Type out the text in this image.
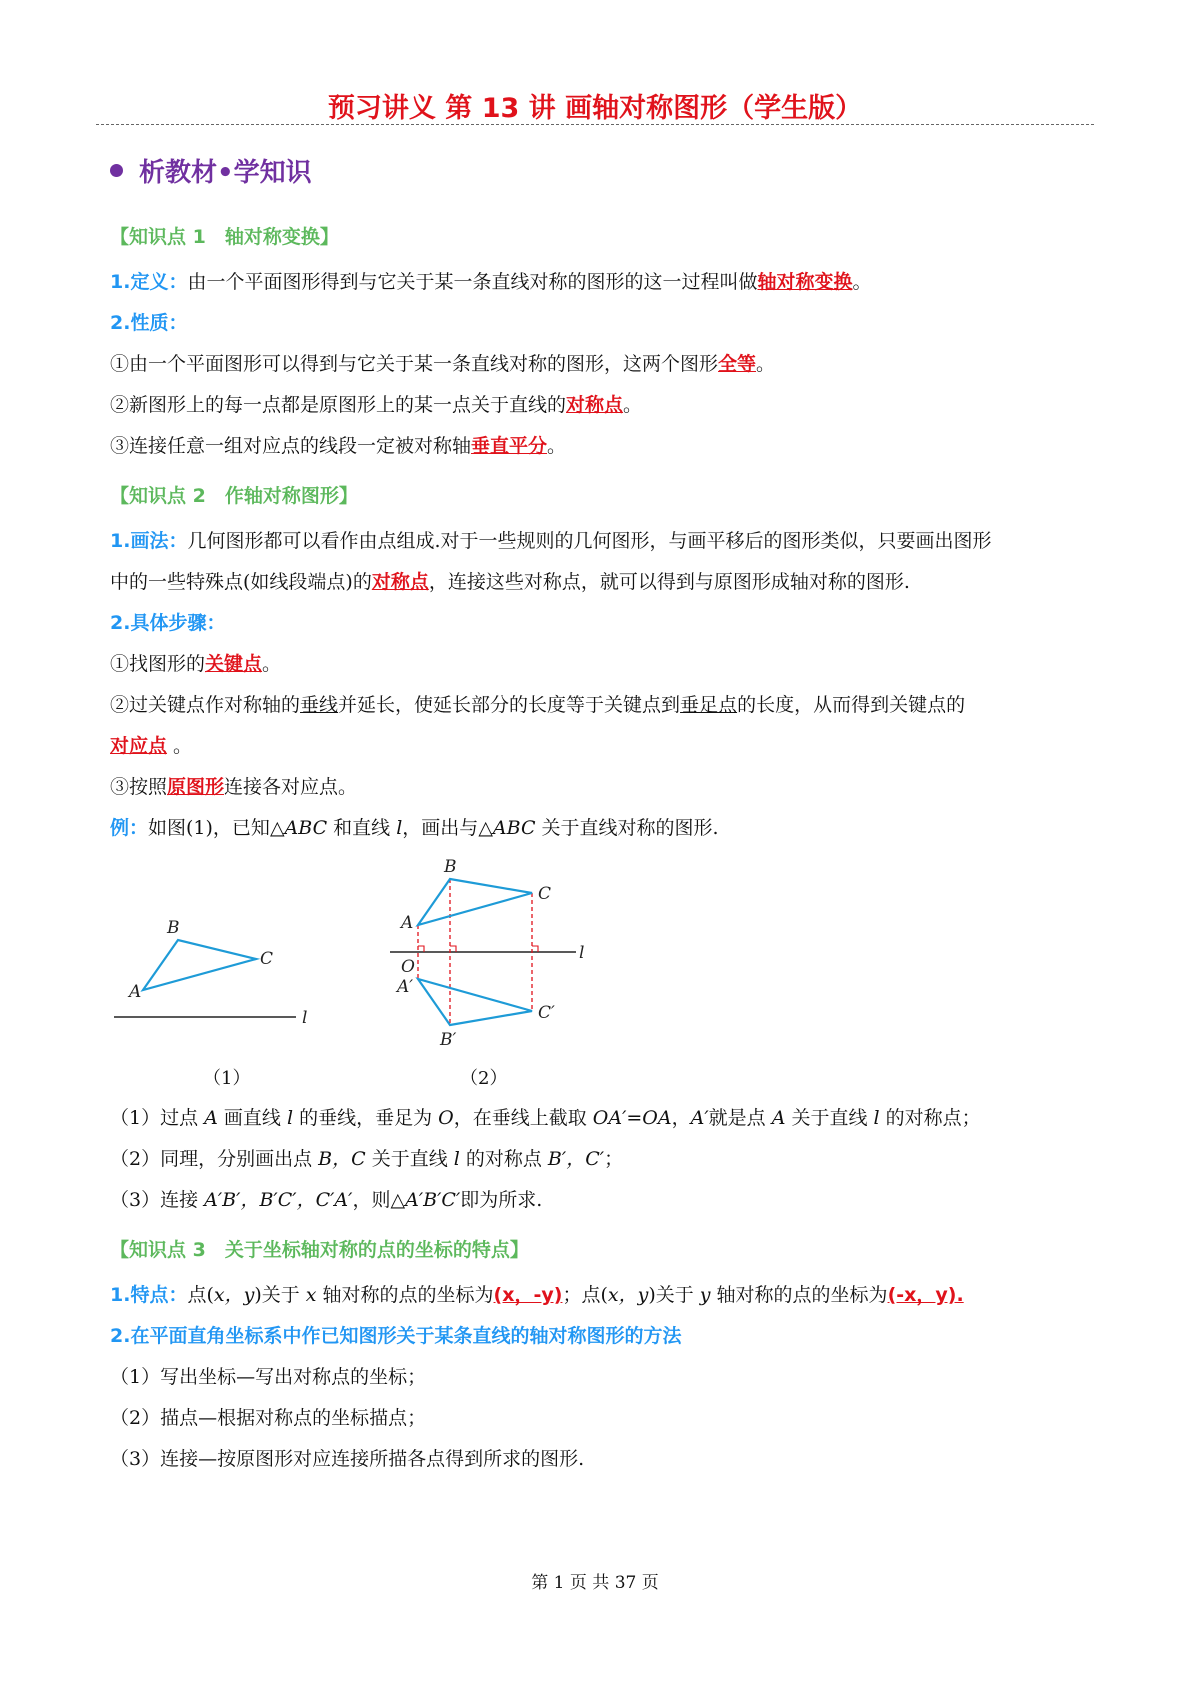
预习讲义 第 13 讲 画轴对称图形（学生版）
析教材•学知识
【知识点 1　轴对称变换】
1.定义：由一个平面图形得到与它关于某一条直线对称的图形的这一过程叫做轴对称变换。
2.性质：
①由一个平面图形可以得到与它关于某一条直线对称的图形，这两个图形全等。
②新图形上的每一点都是原图形上的某一点关于直线的对称点。
③连接任意一组对应点的线段一定被对称轴垂直平分。
【知识点 2　作轴对称图形】
1.画法：几何图形都可以看作由点组成.对于一些规则的几何图形，与画平移后的图形类似，只要画出图形
中的一些特殊点(如线段端点)的对称点，连接这些对称点，就可以得到与原图形成轴对称的图形.
2.具体步骤：
①找图形的关键点。
②过关键点作对称轴的垂线并延长，使延长部分的长度等于关键点到垂足点的长度，从而得到关键点的
对应点 。
③按照原图形连接各对应点。
例：如图(1)，已知△ABC 和直线 l，画出与△ABC 关于直线对称的图形.
A
B
C
l
（1）
B
C
A
l
O
A′
C′
B′
（2）
（1）过点 A 画直线 l 的垂线，垂足为 O，在垂线上截取 OA′=OA，A′就是点 A 关于直线 l 的对称点；
（2）同理，分别画出点 B，C 关于直线 l 的对称点 B′，C′；
（3）连接 A′B′，B′C′，C′A′，则△A′B′C′即为所求.
【知识点 3　关于坐标轴对称的点的坐标的特点】
1.特点：点(x，y)关于 x 轴对称的点的坐标为(x，-y)；点(x，y)关于 y 轴对称的点的坐标为(-x，y).
2.在平面直角坐标系中作已知图形关于某条直线的轴对称图形的方法
（1）写出坐标—写出对称点的坐标；
（2）描点—根据对称点的坐标描点；
（3）连接—按原图形对应连接所描各点得到所求的图形.
第 1 页 共 37 页
